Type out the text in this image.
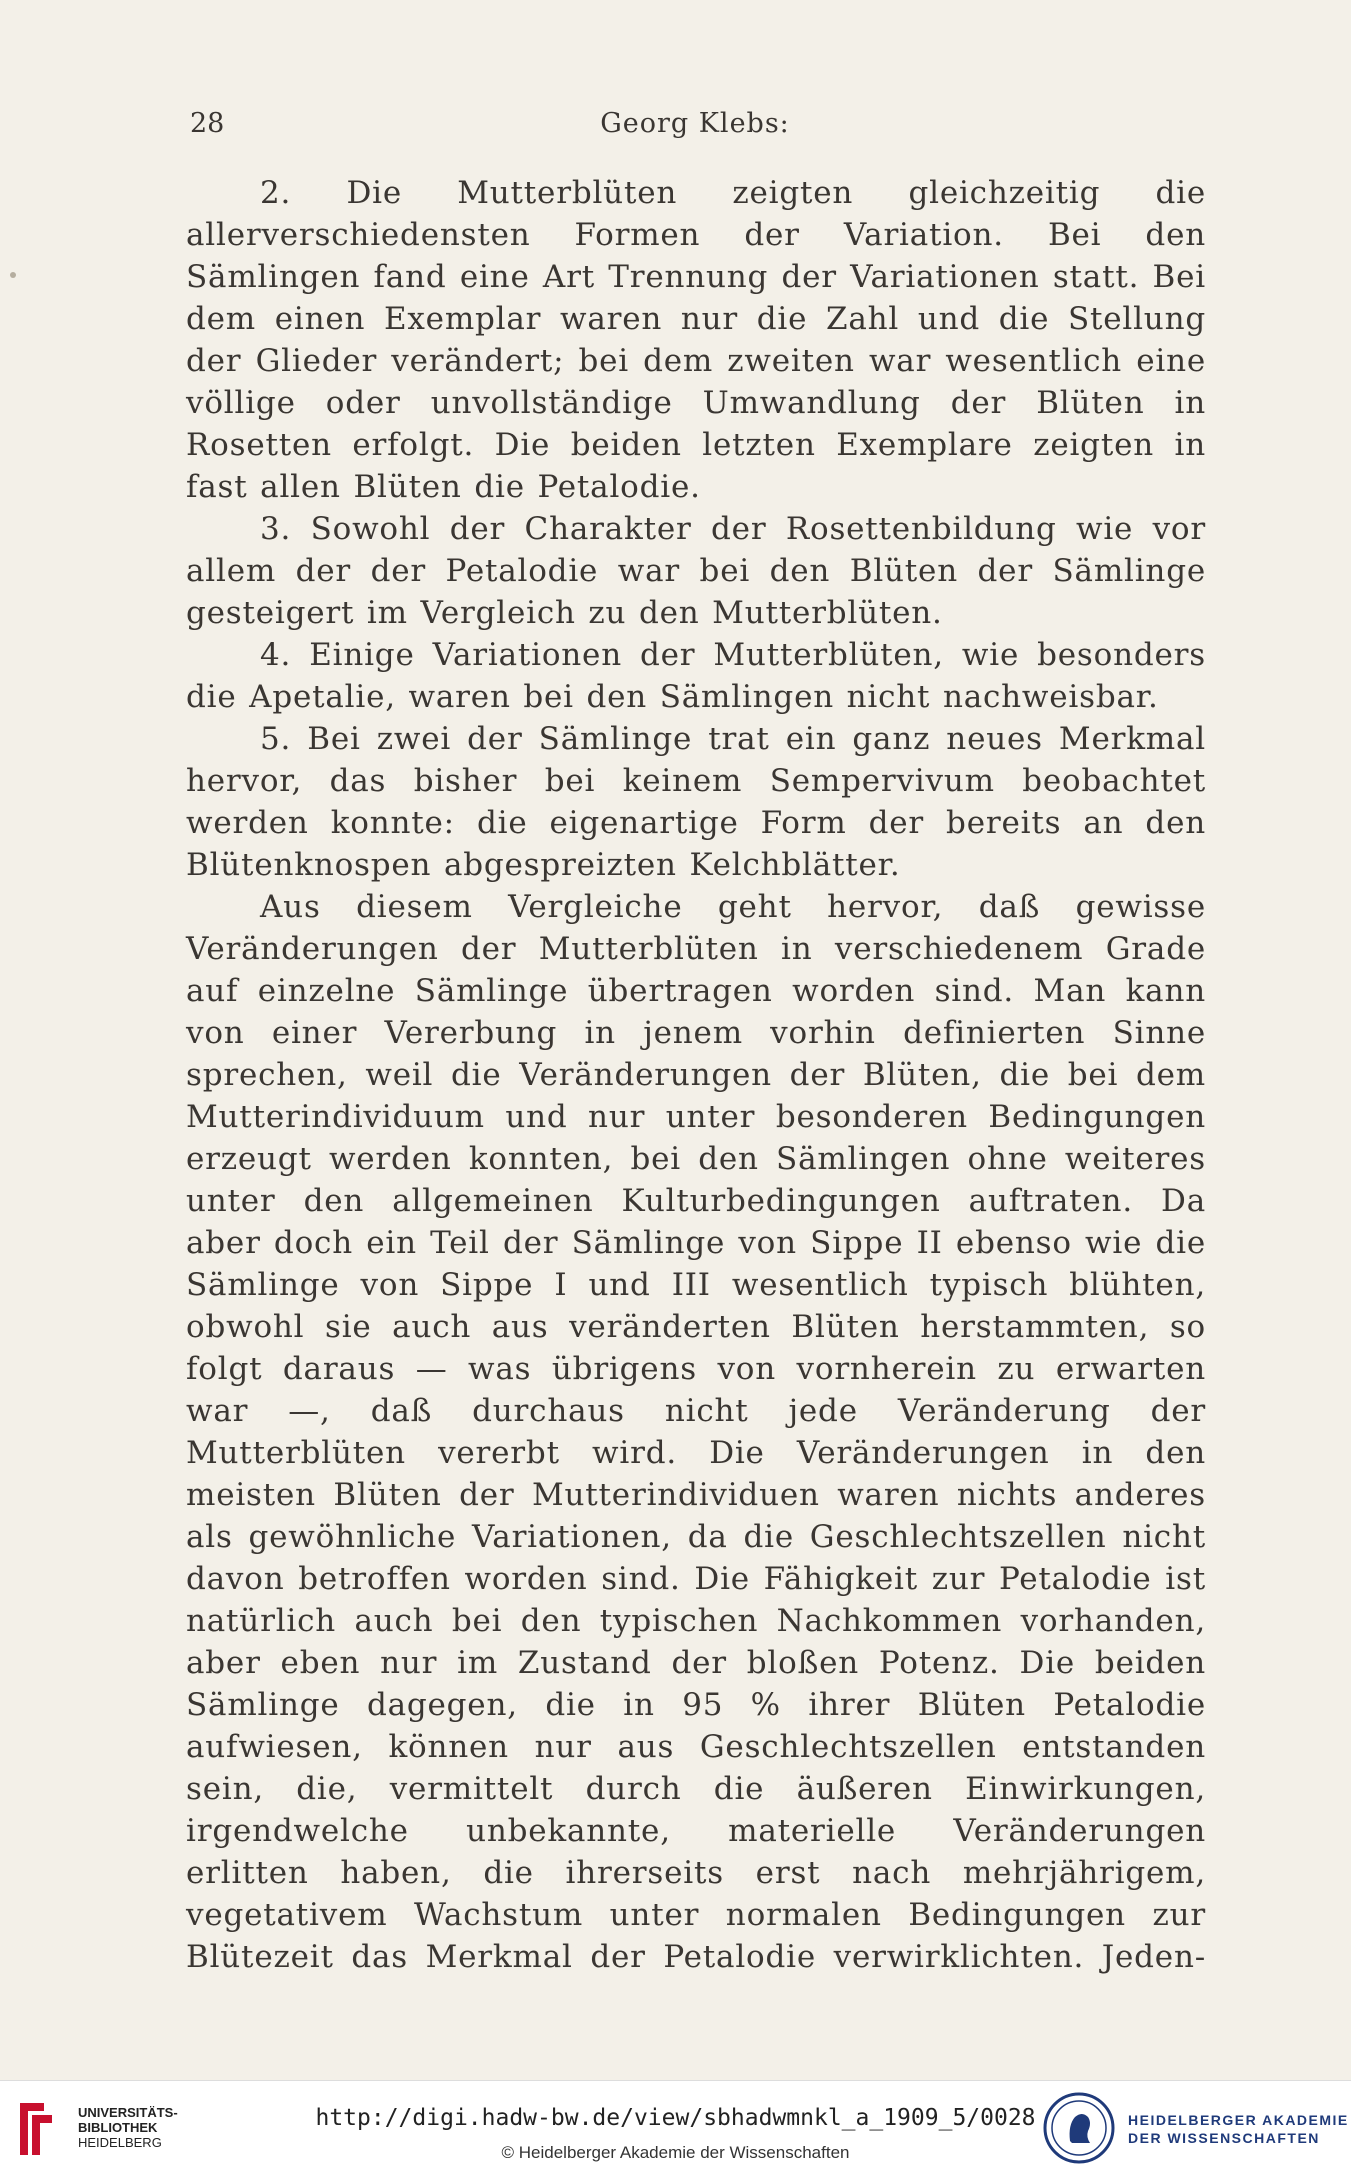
28	Georg Klebs:

2. Die Mutterblüten zeigten gleichzeitig die allerverschiedensten Formen der Variation. Bei den Sämlingen fand eine Art Trennung der Variationen statt. Bei dem einen Exemplar waren nur die Zahl und die Stellung der Glieder verändert; bei dem zweiten war wesentlich eine völlige oder unvollständige Umwandlung der Blüten in Rosetten erfolgt. Die beiden letzten Exemplare zeigten in fast allen Blüten die Petalodie.

3. Sowohl der Charakter der Rosettenbildung wie vor allem der der Petalodie war bei den Blüten der Sämlinge gesteigert im Vergleich zu den Mutterblüten.

4. Einige Variationen der Mutterblüten, wie besonders die Apetalie, waren bei den Sämlingen nicht nachweisbar.

5. Bei zwei der Sämlinge trat ein ganz neues Merkmal hervor, das bisher bei keinem Sempervivum beobachtet werden konnte: die eigenartige Form der bereits an den Blütenknospen abgespreizten Kelchblätter.

Aus diesem Vergleiche geht hervor, daß gewisse Veränderungen der Mutterblüten in verschiedenem Grade auf einzelne Sämlinge übertragen worden sind. Man kann von einer Vererbung in jenem vorhin definierten Sinne sprechen, weil die Veränderungen der Blüten, die bei dem Mutterindividuum und nur unter besonderen Bedingungen erzeugt werden konnten, bei den Sämlingen ohne weiteres unter den allgemeinen Kulturbedingungen auftraten. Da aber doch ein Teil der Sämlinge von Sippe II ebenso wie die Sämlinge von Sippe I und III wesentlich typisch blühten, obwohl sie auch aus veränderten Blüten herstammten, so folgt daraus — was übrigens von vornherein zu erwarten war —, daß durchaus nicht jede Veränderung der Mutterblüten vererbt wird. Die Veränderungen in den meisten Blüten der Mutterindividuen waren nichts anderes als gewöhnliche Variationen, da die Geschlechtszellen nicht davon betroffen worden sind. Die Fähigkeit zur Petalodie ist natürlich auch bei den typischen Nachkommen vorhanden, aber eben nur im Zustand der bloßen Potenz. Die beiden Sämlinge dagegen, die in 95 % ihrer Blüten Petalodie aufwiesen, können nur aus Geschlechtszellen entstanden sein, die, vermittelt durch die äußeren Einwirkungen, irgendwelche unbekannte, materielle Veränderungen erlitten haben, die ihrerseits erst nach mehrjährigem, vegetativem Wachstum unter normalen Bedingungen zur Blütezeit das Merkmal der Petalodie verwirklichten. Jeden-

UNIVERSITÄTS-
BIBLIOTHEK
HEIDELBERG
http://digi.hadw-bw.de/view/sbhadwmnkl_a_1909_5/0028
© Heidelberger Akademie der Wissenschaften
HEIDELBERGER AKADEMIE
DER WISSENSCHAFTEN
